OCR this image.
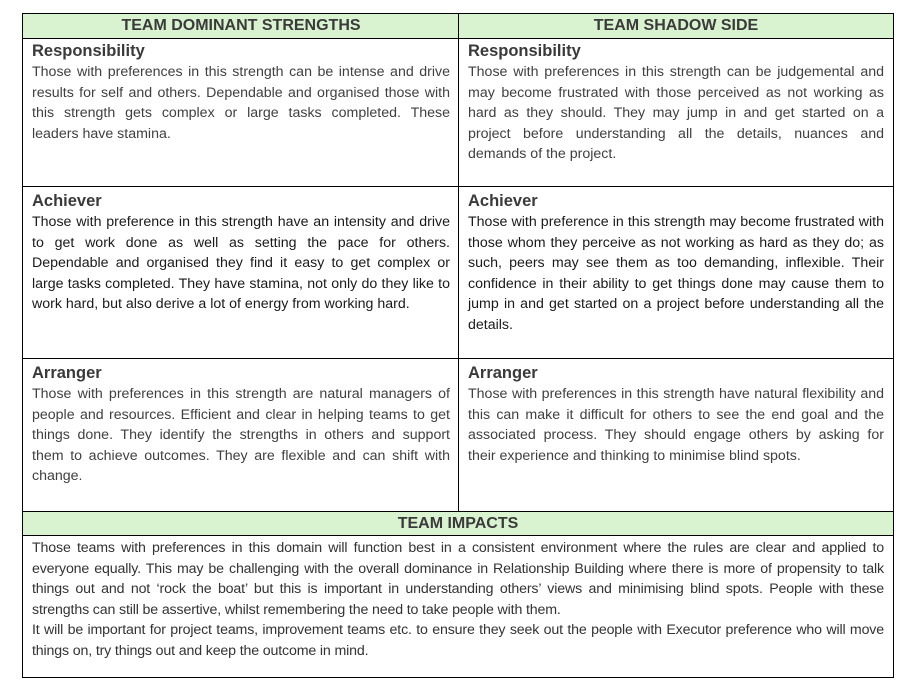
TEAM DOMINANT STRENGTHS	TEAM SHADOW SIDE
Responsibility
Those with preferences in this strength can be intense and drive results for self and others. Dependable and organised those with this strength gets complex or large tasks completed. These leaders have stamina.
Responsibility
Those with preferences in this strength can be judgemental and may become frustrated with those perceived as not working as hard as they should. They may jump in and get started on a project before understanding all the details, nuances and demands of the project.
Achiever
Those with preference in this strength have an intensity and drive to get work done as well as setting the pace for others. Dependable and organised they find it easy to get complex or large tasks completed. They have stamina, not only do they like to work hard, but also derive a lot of energy from working hard.
Achiever
Those with preference in this strength may become frustrated with those whom they perceive as not working as hard as they do; as such, peers may see them as too demanding, inflexible. Their confidence in their ability to get things done may cause them to jump in and get started on a project before understanding all the details.
Arranger
Those with preferences in this strength are natural managers of people and resources. Efficient and clear in helping teams to get things done. They identify the strengths in others and support them to achieve outcomes. They are flexible and can shift with change.
Arranger
Those with preferences in this strength have natural flexibility and this can make it difficult for others to see the end goal and the associated process. They should engage others by asking for their experience and thinking to minimise blind spots.
TEAM IMPACTS

Those teams with preferences in this domain will function best in a consistent environment where the rules are clear and applied to everyone equally. This may be challenging with the overall dominance in Relationship Building where there is more of propensity to talk things out and not ‘rock the boat’ but this is important in understanding others’ views and minimising blind spots. People with these strengths can still be assertive, whilst remembering the need to take people with them.

It will be important for project teams, improvement teams etc. to ensure they seek out the people with Executor preference who will move things on, try things out and keep the outcome in mind.
